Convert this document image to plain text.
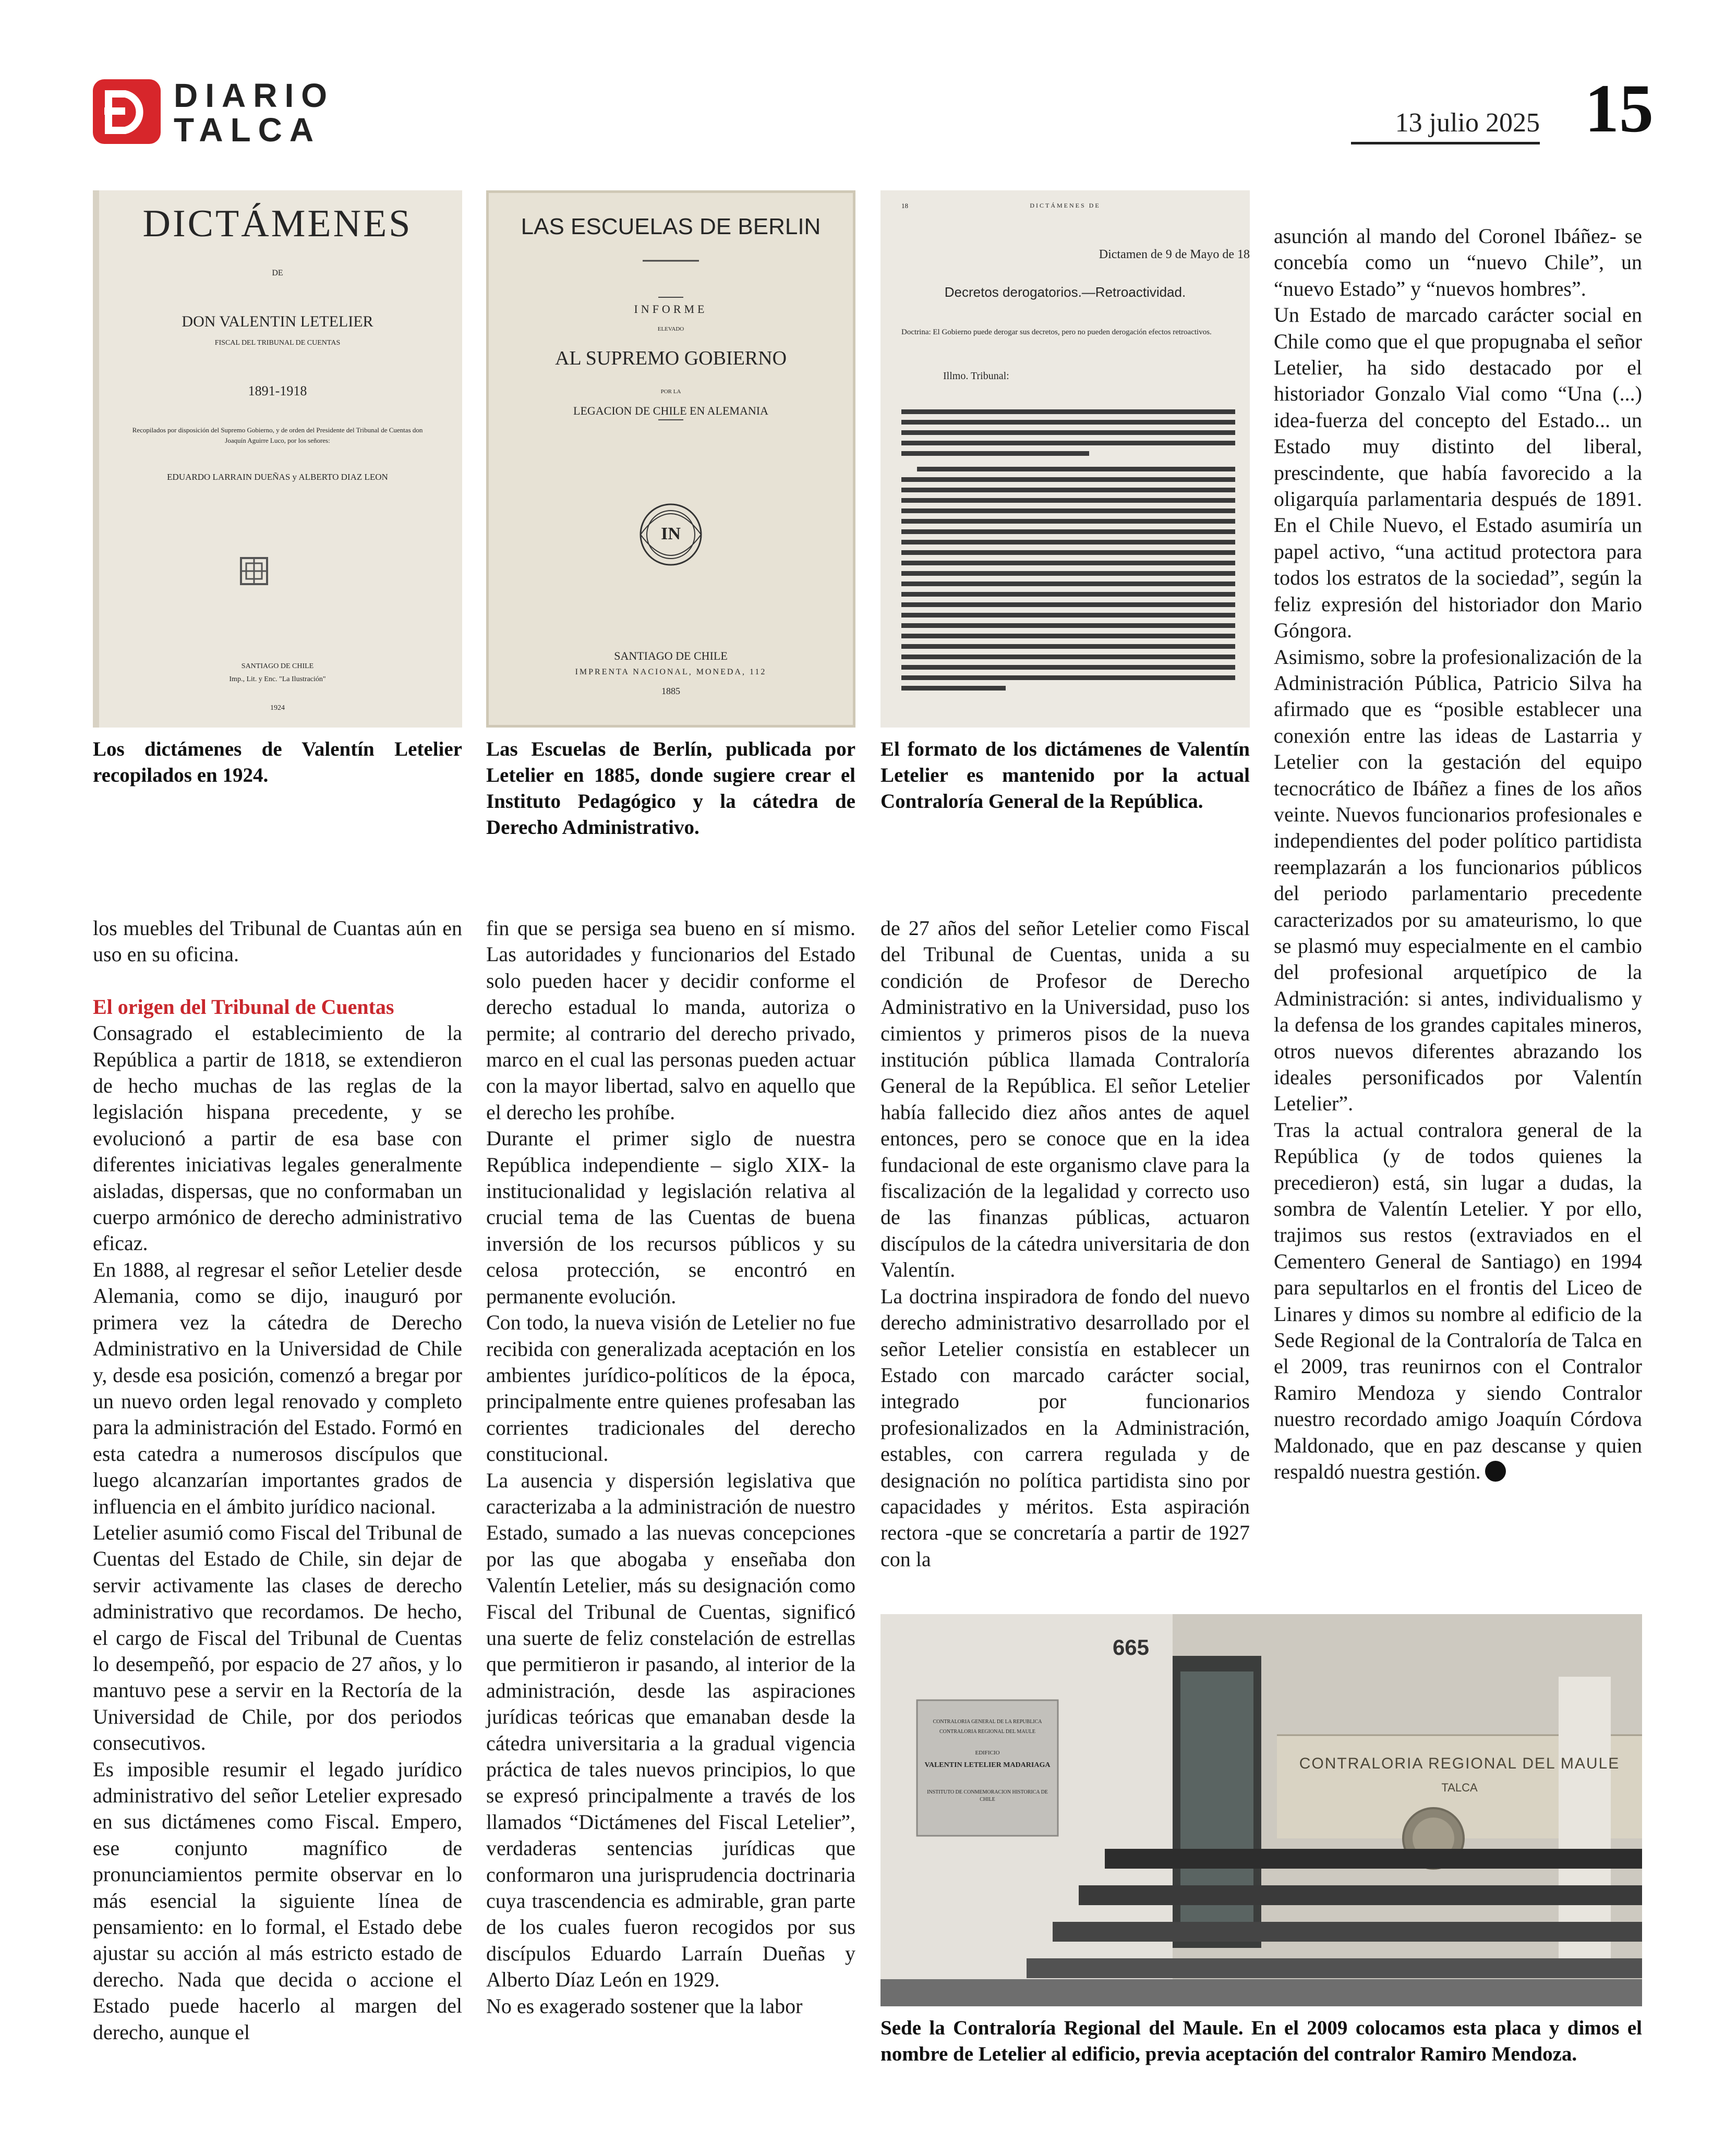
DIARIO
TALCA	13 julio 2025 15
DICTÁMENES
DE
DON VALENTIN LETELIER
FISCAL DEL TRIBUNAL DE CUENTAS
1891-1918
Recopilados por disposición del Supremo Gobierno, y de orden del Presidente del Tribunal de Cuentas don Joaquín Aguirre Luco, por los señores:
EDUARDO LARRAIN DUEÑAS y ALBERTO DIAZ LEON
SANTIAGO DE CHILE
Imp., Lit. y Enc. "La Ilustración"
1924
LAS ESCUELAS DE BERLIN
INFORME
ELEVADO
AL SUPREMO GOBIERNO
POR LA
LEGACION DE CHILE EN ALEMANIA
IN
SANTIAGO DE CHILE
IMPRENTA NACIONAL, MONEDA, 112
1885
18	DICTÁMENES DE
Dictamen de 9 de Mayo de 18
Decretos derogatorios.—Retroactividad.
Doctrina: El Gobierno puede derogar sus decretos, pero no pueden derogación efectos retroactivos.
Illmo. Tribunal:
Los dictámenes de Valentín Letelier recopilados en 1924.
Las Escuelas de Berlín, publicada por Letelier en 1885, donde sugiere crear el Instituto Pedagógico y la cátedra de Derecho Administrativo.
El formato de los dictámenes de Valentín Letelier es mantenido por la actual Contraloría General de la República.

los muebles del Tribunal de Cuantas aún en uso en su oficina.

El origen del Tribunal de Cuentas

Consagrado el establecimiento de la República a partir de 1818, se extendieron de hecho muchas de las reglas de la legislación hispana precedente, y se evolucionó a partir de esa base con diferentes iniciativas legales generalmente aisladas, dispersas, que no conformaban un cuerpo armónico de derecho administrativo eficaz.

En 1888, al regresar el señor Letelier desde Alemania, como se dijo, inauguró por primera vez la cátedra de Derecho Administrativo en la Universidad de Chile y, desde esa posición, comenzó a bregar por un nuevo orden legal renovado y completo para la administración del Estado. Formó en esta catedra a numerosos discípulos que luego alcanzarían importantes grados de influencia en el ámbito jurídico nacional.

Letelier asumió como Fiscal del Tribunal de Cuentas del Estado de Chile, sin dejar de servir activamente las clases de derecho administrativo que recordamos. De hecho, el cargo de Fiscal del Tribunal de Cuentas lo desempeñó, por espacio de 27 años, y lo mantuvo pese a servir en la Rectoría de la Universidad de Chile, por dos periodos consecutivos.

Es imposible resumir el legado jurídico administrativo del señor Letelier expresado en sus dictámenes como Fiscal. Empero, ese conjunto magnífico de pronunciamientos permite observar en lo más esencial la siguiente línea de pensamiento: en lo formal, el Estado debe ajustar su acción al más estricto estado de derecho. Nada que decida o accione el Estado puede hacerlo al margen del derecho, aunque el

fin que se persiga sea bueno en sí mismo. Las autoridades y funcionarios del Estado solo pueden hacer y decidir conforme el derecho estadual lo manda, autoriza o permite; al contrario del derecho privado, marco en el cual las personas pueden actuar con la mayor libertad, salvo en aquello que el derecho les prohíbe.

Durante el primer siglo de nuestra República independiente – siglo XIX- la institucionalidad y legislación relativa al crucial tema de las Cuentas de buena inversión de los recursos públicos y su celosa protección, se encontró en permanente evolución.

Con todo, la nueva visión de Letelier no fue recibida con generalizada aceptación en los ambientes jurídico-políticos de la época, principalmente entre quienes profesaban las corrientes tradicionales del derecho constitucional.

La ausencia y dispersión legislativa que caracterizaba a la administración de nuestro Estado, sumado a las nuevas concepciones por las que abogaba y enseñaba don Valentín Letelier, más su designación como Fiscal del Tribunal de Cuentas, significó una suerte de feliz constelación de estrellas que permitieron ir pasando, al interior de la administración, desde las aspiraciones jurídicas teóricas que emanaban desde la cátedra universitaria a la gradual vigencia práctica de tales nuevos principios, lo que se expresó principalmente a través de los llamados “Dictámenes del Fiscal Letelier”, verdaderas sentencias jurídicas que conformaron una jurisprudencia doctrinaria cuya trascendencia es admirable, gran parte de los cuales fueron recogidos por sus discípulos Eduardo Larraín Dueñas y Alberto Díaz León en 1929.

No es exagerado sostener que la labor

de 27 años del señor Letelier como Fiscal del Tribunal de Cuentas, unida a su condición de Profesor de Derecho Administrativo en la Universidad, puso los cimientos y primeros pisos de la nueva institución pública llamada Contraloría General de la República. El señor Letelier había fallecido diez años antes de aquel entonces, pero se conoce que en la idea fundacional de este organismo clave para la fiscalización de la legalidad y correcto uso de las finanzas públicas, actuaron discípulos de la cátedra universitaria de don Valentín.

La doctrina inspiradora de fondo del nuevo derecho administrativo desarrollado por el señor Letelier consistía en establecer un Estado con marcado carácter social, integrado por funcionarios profesionalizados en la Administración, estables, con carrera regulada y de designación no política partidista sino por capacidades y méritos. Esta aspiración rectora -que se concretaría a partir de 1927 con la

asunción al mando del Coronel Ibáñez- se concebía como un “nuevo Chile”, un “nuevo Estado” y “nuevos hombres”.

Un Estado de marcado carácter social en Chile como que el que propugnaba el señor Letelier, ha sido destacado por el historiador Gonzalo Vial como “Una (...) idea-fuerza del concepto del Estado... un Estado muy distinto del liberal, prescindente, que había favorecido a la oligarquía parlamentaria después de 1891. En el Chile Nuevo, el Estado asumiría un papel activo, “una actitud protectora para todos los estratos de la sociedad”, según la feliz expresión del historiador don Mario Góngora.

Asimismo, sobre la profesionalización de la Administración Pública, Patricio Silva ha afirmado que es “posible establecer una conexión entre las ideas de Lastarria y Letelier con la gestación del equipo tecnocrático de Ibáñez a fines de los años veinte. Nuevos funcionarios profesionales e independientes del poder político partidista reemplazarán a los funcionarios públicos del periodo parlamentario precedente caracterizados por su amateurismo, lo que se plasmó muy especialmente en el cambio del profesional arquetípico de la Administración: si antes, individualismo y la defensa de los grandes capitales mineros, otros nuevos diferentes abrazando los ideales personificados por Valentín Letelier”.

Tras la actual contralora general de la República (y de todos quienes la precedieron) está, sin lugar a dudas, la sombra de Valentín Letelier. Y por ello, trajimos sus restos (extraviados en el Cementero General de Santiago) en 1994 para sepultarlos en el frontis del Liceo de Linares y dimos su nombre al edificio de la Sede Regional de la Contraloría de Talca en el 2009, tras reunirnos con el Contralor Ramiro Mendoza y siendo Contralor nuestro recordado amigo Joaquín Córdova Maldonado, que en paz descanse y quien respaldó nuestra gestión.

665
CONTRALORIA GENERAL DE LA REPUBLICA
CONTRALORIA REGIONAL DEL MAULE
EDIFICIO
VALENTIN LETELIER MADARIAGA
INSTITUTO DE CONMEMORACION HISTORICA DE CHILE
CONTRALORIA REGIONAL DEL MAULE
TALCA
Sede la Contraloría Regional del Maule. En el 2009 colocamos esta placa y dimos el nombre de Letelier al edificio, previa aceptación del contralor Ramiro Mendoza.
